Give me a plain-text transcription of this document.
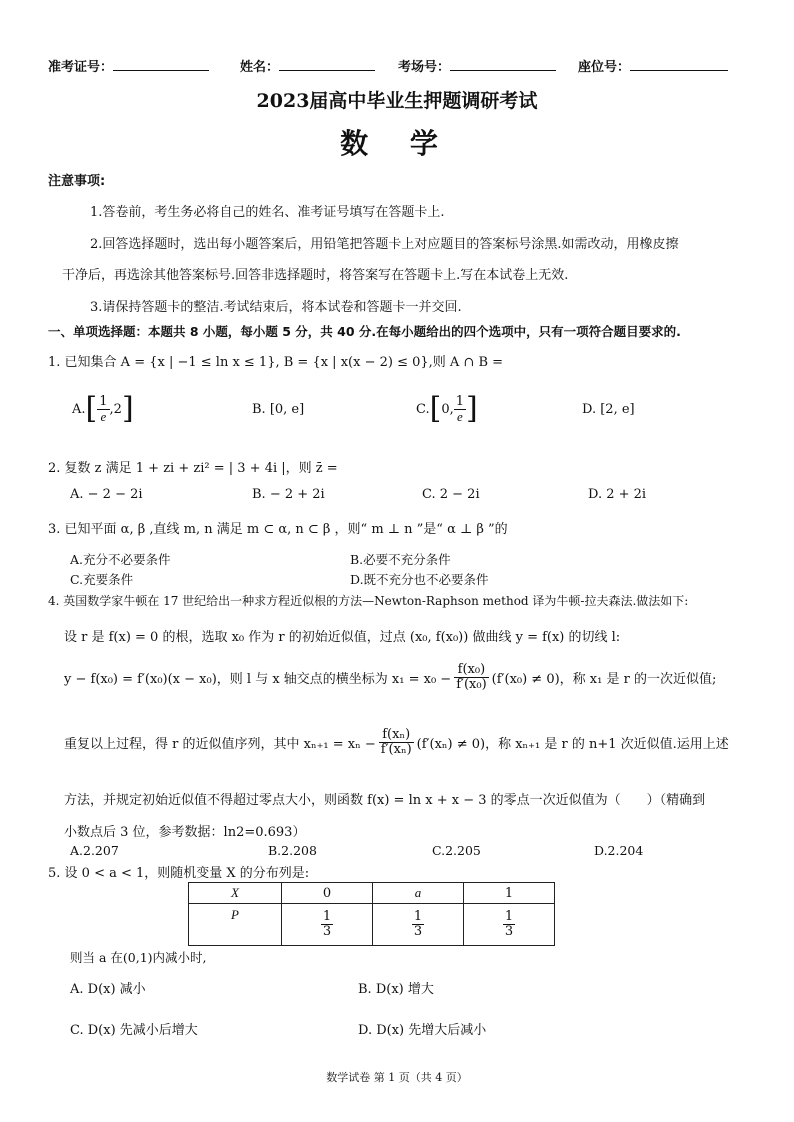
准考证号：	姓名：	考场号：	座位号：
2023届高中毕业生押题调研考试
数 学
注意事项:
1.答卷前，考生务必将自己的姓名、准考证号填写在答题卡上.
2.回答选择题时，选出每小题答案后，用铅笔把答题卡上对应题目的答案标号涂黑.如需改动，用橡皮擦
干净后，再选涂其他答案标号.回答非选择题时，将答案写在答题卡上.写在本试卷上无效.
3.请保持答题卡的整洁.考试结束后，将本试卷和答题卡一并交回.
一、单项选择题：本题共 8 小题，每小题 5 分，共 40 分.在每小题给出的四个选项中，只有一项符合题目要求的.
1. 已知集合 A = {x | −1 ≤ ln x ≤ 1}, B = {x | x(x − 2) ≤ 0},则 A ∩ B =
A. [ $\frac{1}{e} ,2$ ]	B. [0, e]	C. [ 0, $\frac{1}{e}$ ]	D. [2, e]
2. 复数 z 满足 1 + zi + zi² = | 3 + 4i |，则 z̄ =
A. − 2 − 2i	B. − 2 + 2i	C. 2 − 2i	D. 2 + 2i
3. 已知平面 α, β ,直线 m, n 满足 m ⊂ α, n ⊂ β ，则“ m ⊥ n ”是“ α ⊥ β ”的
A.充分不必要条件	B.必要不充分条件
C.充要条件	D.既不充分也不必要条件
4. 英国数学家牛顿在 17 世纪给出一种求方程近似根的方法—Newton-Raphson method 译为牛顿-拉夫森法.做法如下:
设 r 是 f(x) = 0 的根，选取 x₀ 作为 r 的初始近似值，过点 (x₀, f(x₀)) 做曲线 y = f(x) 的切线 l:
y − f(x₀) = f′(x₀)(x − x₀)，则 l 与 x 轴交点的横坐标为 $x_1 = x_0 - \frac{\text{f(x₀)}}{\text{f′(x₀)}} (f'(x_0) \ne 0)$，称 x₁ 是 r 的一次近似值;
重复以上过程，得 r 的近似值序列，其中 $x_{n+1} = x_n - \frac{\text{f(xₙ)}}{\text{f′(xₙ)}} (f'(x_n) \ne 0)$，称 xₙ₊₁ 是 r 的 n+1 次近似值.运用上述
方法，并规定初始近似值不得超过零点大小，则函数 f(x) = ln x + x − 3 的零点一次近似值为（　　）（精确到
小数点后 3 位，参考数据：ln2=0.693）
A.2.207	B.2.208	C.2.205	D.2.204
5. 设 0 < a < 1，则随机变量 X 的分布列是:
X	0	a	1
P	$\frac{1}{3}$	$\frac{1}{3}$	$\frac{1}{3}$
则当 a 在(0,1)内减小时,
A. D(x) 减小	B. D(x) 增大
C. D(x) 先减小后增大	D. D(x) 先增大后减小
数学试卷 第 1 页（共 4 页）
